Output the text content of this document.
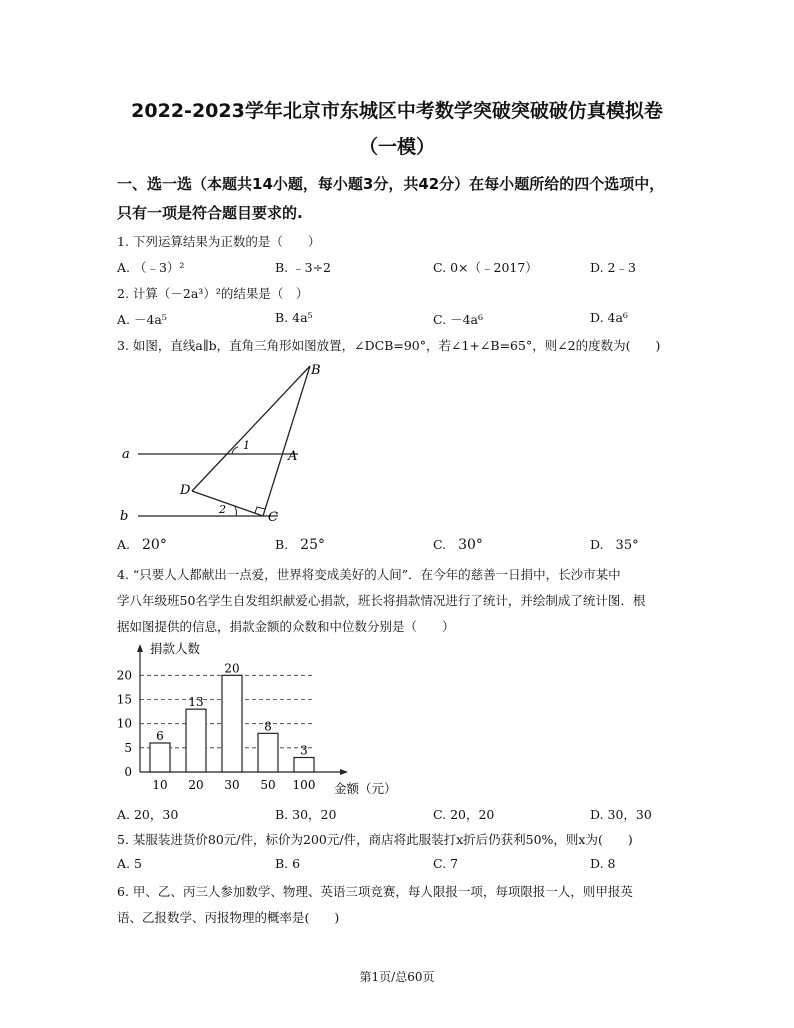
2022-2023学年北京市东城区中考数学突破突破破仿真模拟卷
（一模）
一、选一选（本题共14小题，每小题3分，共42分）在每小题所给的四个选项中，
只有一项是符合题目要求的.
1. 下列运算结果为正数的是（　　）
A. （﹣3）²	B. ﹣3÷2	C. 0×（﹣2017）	D. 2﹣3
2. 计算（－2a³）²的结果是（　）
A. －4a⁵	B. 4a⁵	C. －4a⁶	D. 4a⁶
3. 如图，直线a∥b，直角三角形如图放置，∠DCB=90°，若∠1+∠B=65°，则∠2的度数为(　　)
a
b
B
A
C
D
1
2
A. 20°	B. 25°	C. 30°	D. 35°
4. “只要人人都献出一点爱，世界将变成美好的人间”．在今年的慈善一日捐中，长沙市某中
学八年级班50名学生自发组织献爱心捐款，班长将捐款情况进行了统计，并绘制成了统计图．根
据如图提供的信息，捐款金额的众数和中位数分别是（　　）
0
5
10
15
20
6
10
13
20
20
30
8
50
3
100
捐款人数
金额（元）
A. 20，30	B. 30，20	C. 20，20	D. 30，30
5. 某服装进货价80元/件，标价为200元/件，商店将此服装打x折后仍获利50%，则x为(　　)
A. 5	B. 6	C. 7	D. 8
6. 甲、乙、丙三人参加数学、物理、英语三项竞赛，每人限报一项，每项限报一人，则甲报英
语、乙报数学、丙报物理的概率是(　　)
第1页/总60页
